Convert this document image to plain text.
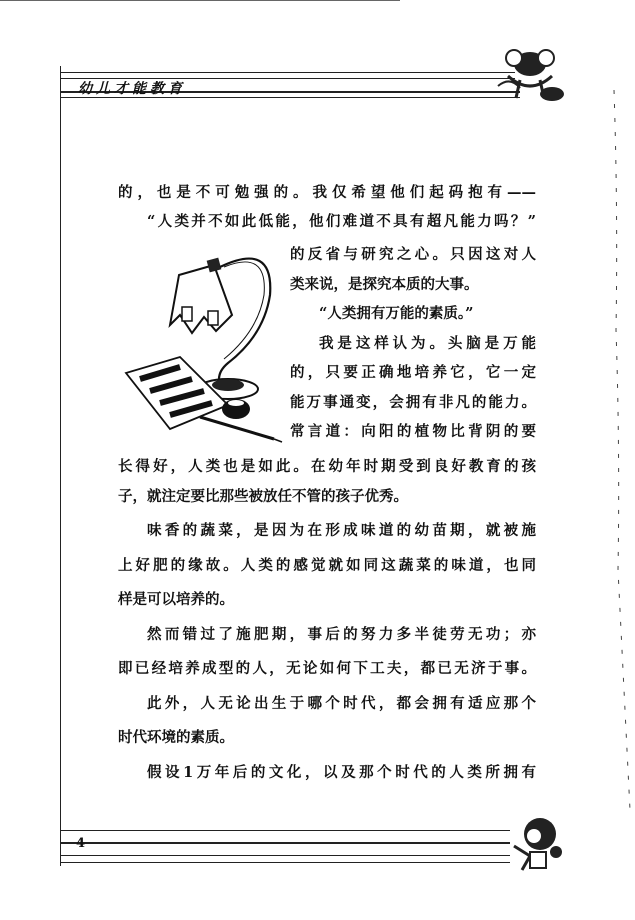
幼儿才能教育
4
的，也是不可勉强的。我仅希望他们起码抱有——
“人类并不如此低能，他们难道不具有超凡能力吗？”
的反省与研究之心。只因这对人
类来说，是探究本质的大事。
“人类拥有万能的素质。”
我是这样认为。头脑是万能
的，只要正确地培养它，它一定
能万事通变，会拥有非凡的能力。
常言道：向阳的植物比背阴的要
长得好，人类也是如此。在幼年时期受到良好教育的孩
子，就注定要比那些被放任不管的孩子优秀。
味香的蔬菜，是因为在形成味道的幼苗期，就被施
上好肥的缘故。人类的感觉就如同这蔬菜的味道，也同
样是可以培养的。
然而错过了施肥期，事后的努力多半徒劳无功；亦
即已经培养成型的人，无论如何下工夫，都已无济于事。
此外，人无论出生于哪个时代，都会拥有适应那个
时代环境的素质。
假设1万年后的文化，以及那个时代的人类所拥有
